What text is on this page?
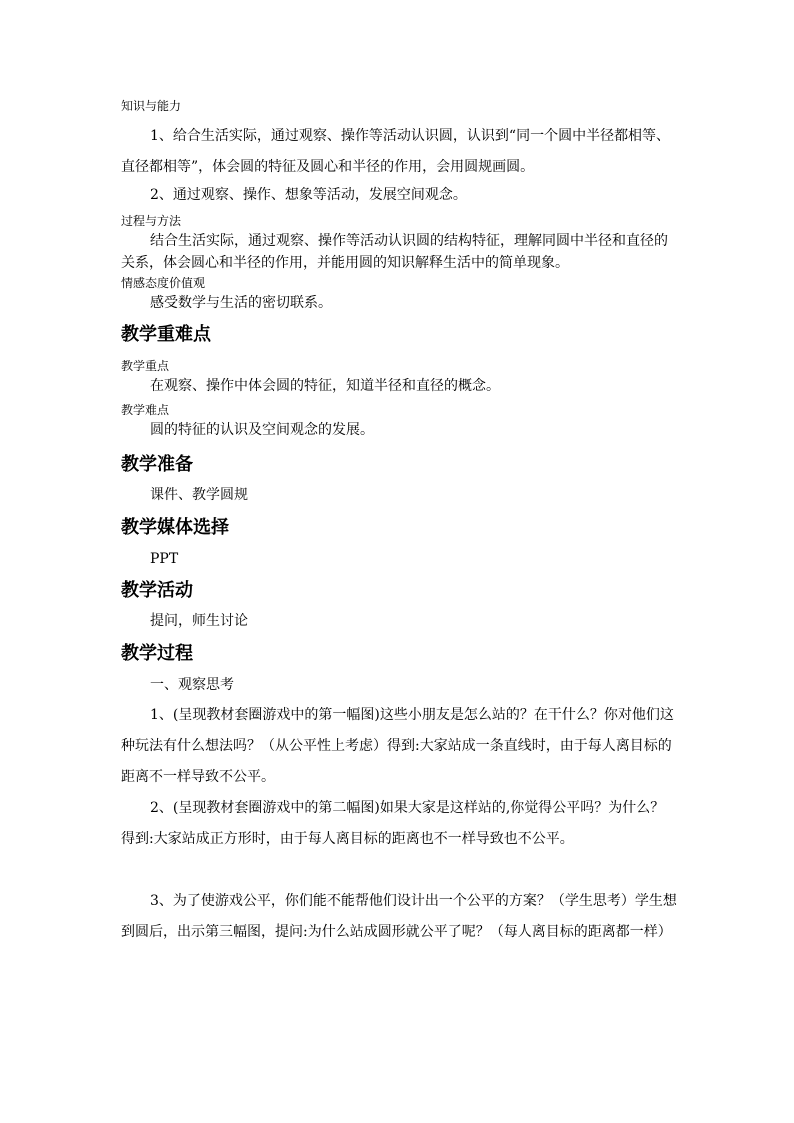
知识与能力
1、给合生活实际，通过观察、操作等活动认识圆，认识到“同一个圆中半径都相等、直径都相等”，体会圆的特征及圆心和半径的作用，会用圆规画圆。
2、通过观察、操作、想象等活动，发展空间观念。
过程与方法
结合生活实际，通过观察、操作等活动认识圆的结构特征，理解同圆中半径和直径的关系，体会圆心和半径的作用，并能用圆的知识解释生活中的简单现象。
情感态度价值观
感受数学与生活的密切联系。
教学重难点
教学重点
在观察、操作中体会圆的特征，知道半径和直径的概念。
教学难点
圆的特征的认识及空间观念的发展。
教学准备
课件、教学圆规
教学媒体选择
PPT
教学活动
提问，师生讨论
教学过程
一、观察思考
1、(呈现教材套圈游戏中的第一幅图)这些小朋友是怎么站的？在干什么？你对他们这种玩法有什么想法吗？（从公平性上考虑）得到:大家站成一条直线时，由于每人离目标的距离不一样导致不公平。
2、(呈现教材套圈游戏中的第二幅图)如果大家是这样站的,你觉得公平吗？为什么？得到:大家站成正方形时，由于每人离目标的距离也不一样导致也不公平。
3、为了使游戏公平，你们能不能帮他们设计出一个公平的方案？（学生思考）学生想到圆后，出示第三幅图，提问:为什么站成圆形就公平了呢？（每人离目标的距离都一样）
